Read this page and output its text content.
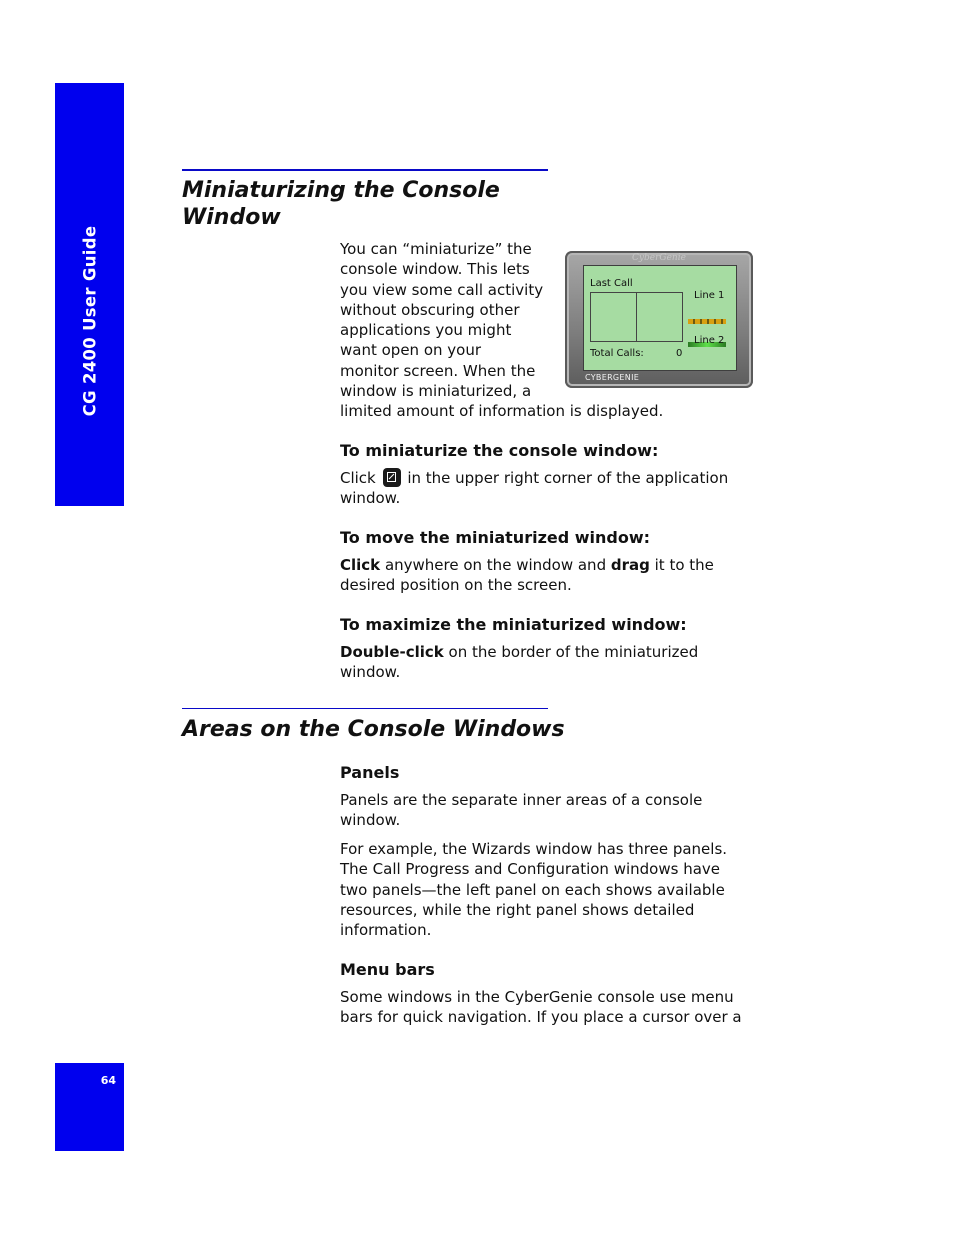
CG 2400 User Guide
Miniaturizing the Console Window
You can “miniaturize” the
console window. This lets
you view some call activity
without obscuring other
applications you might
want open on your
monitor screen. When the
window is miniaturized, a
limited amount of information is displayed.
CyberGenie
Last Call
Line 1
Line 2
Total Calls:	0
CYBERGENIE
To miniaturize the console window:
Click in the upper right corner of the application
window.
To move the miniaturized window:
Click anywhere on the window and drag it to the
desired position on the screen.
To maximize the miniaturized window:
Double-click on the border of the miniaturized
window.
Areas on the Console Windows
Panels
Panels are the separate inner areas of a console
window.
For example, the Wizards window has three panels.
The Call Progress and Configuration windows have
two panels—the left panel on each shows available
resources, while the right panel shows detailed
information.
Menu bars
Some windows in the CyberGenie console use menu
bars for quick navigation. If you place a cursor over a
64
